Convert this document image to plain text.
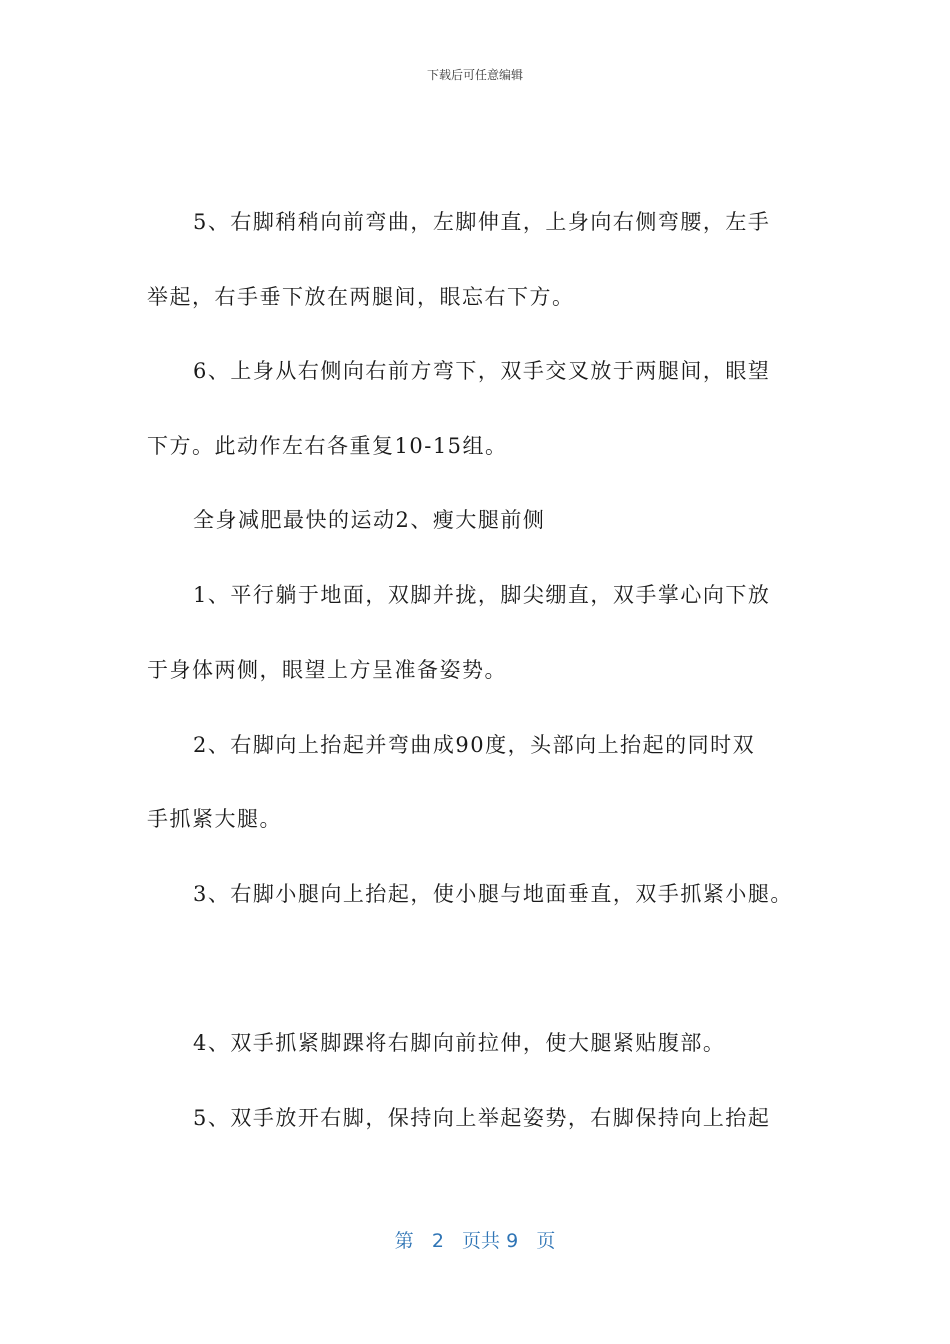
下载后可任意编辑
5、右脚稍稍向前弯曲，左脚伸直，上身向右侧弯腰，左手
举起，右手垂下放在两腿间，眼忘右下方。
6、上身从右侧向右前方弯下，双手交叉放于两腿间，眼望
下方。此动作左右各重复10-15组。
全身减肥最快的运动2、瘦大腿前侧
1、平行躺于地面，双脚并拢，脚尖绷直，双手掌心向下放
于身体两侧，眼望上方呈准备姿势。
2、右脚向上抬起并弯曲成90度，头部向上抬起的同时双
手抓紧大腿。
3、右脚小腿向上抬起，使小腿与地面垂直，双手抓紧小腿。
4、双手抓紧脚踝将右脚向前拉伸，使大腿紧贴腹部。
5、双手放开右脚，保持向上举起姿势，右脚保持向上抬起
第 2 页共 9 页
